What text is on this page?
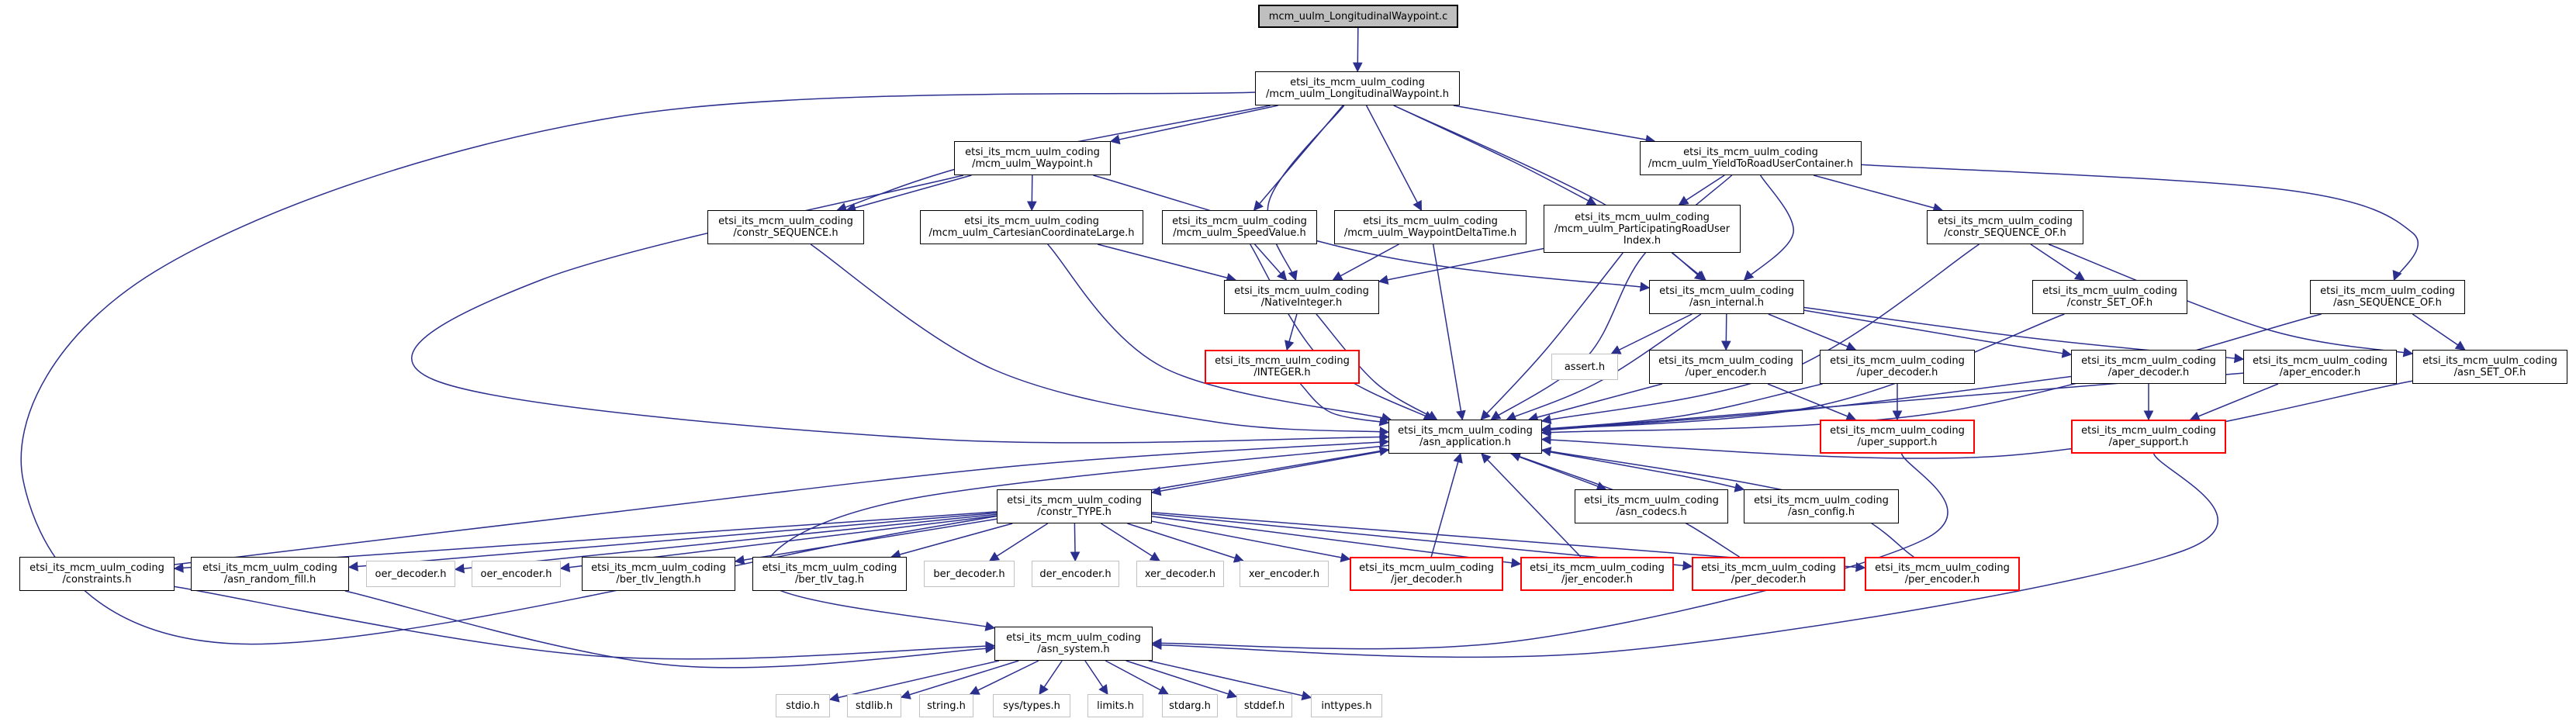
mcm_uulm_LongitudinalWaypoint.c
etsi_its_mcm_uulm_coding
/mcm_uulm_LongitudinalWaypoint.h
etsi_its_mcm_uulm_coding
/mcm_uulm_Waypoint.h
etsi_its_mcm_uulm_coding
/mcm_uulm_YieldToRoadUserContainer.h
etsi_its_mcm_uulm_coding
/constr_SEQUENCE.h
etsi_its_mcm_uulm_coding
/mcm_uulm_CartesianCoordinateLarge.h
etsi_its_mcm_uulm_coding
/mcm_uulm_SpeedValue.h
etsi_its_mcm_uulm_coding
/mcm_uulm_WaypointDeltaTime.h
etsi_its_mcm_uulm_coding
/mcm_uulm_ParticipatingRoadUser
Index.h
etsi_its_mcm_uulm_coding
/constr_SEQUENCE_OF.h
etsi_its_mcm_uulm_coding
/NativeInteger.h
etsi_its_mcm_uulm_coding
/asn_internal.h
etsi_its_mcm_uulm_coding
/constr_SET_OF.h
etsi_its_mcm_uulm_coding
/asn_SEQUENCE_OF.h
etsi_its_mcm_uulm_coding
/INTEGER.h	assert.h	etsi_its_mcm_uulm_coding
/uper_encoder.h
etsi_its_mcm_uulm_coding
/uper_decoder.h
etsi_its_mcm_uulm_coding
/aper_decoder.h
etsi_its_mcm_uulm_coding
/aper_encoder.h
etsi_its_mcm_uulm_coding
/asn_SET_OF.h
etsi_its_mcm_uulm_coding
/asn_application.h
etsi_its_mcm_uulm_coding
/uper_support.h
etsi_its_mcm_uulm_coding
/aper_support.h
etsi_its_mcm_uulm_coding
/constr_TYPE.h
etsi_its_mcm_uulm_coding
/asn_codecs.h
etsi_its_mcm_uulm_coding
/asn_config.h
etsi_its_mcm_uulm_coding
/constraints.h
etsi_its_mcm_uulm_coding
/asn_random_fill.h	oer_decoder.h	oer_encoder.h	etsi_its_mcm_uulm_coding
/ber_tlv_length.h
etsi_its_mcm_uulm_coding
/ber_tlv_tag.h	ber_decoder.h	der_encoder.h	xer_decoder.h	xer_encoder.h	etsi_its_mcm_uulm_coding
/jer_decoder.h
etsi_its_mcm_uulm_coding
/jer_encoder.h
etsi_its_mcm_uulm_coding
/per_decoder.h
etsi_its_mcm_uulm_coding
/per_encoder.h
etsi_its_mcm_uulm_coding
/asn_system.h
stdio.h	stdlib.h	string.h	sys/types.h	limits.h	stdarg.h	stddef.h	inttypes.h
